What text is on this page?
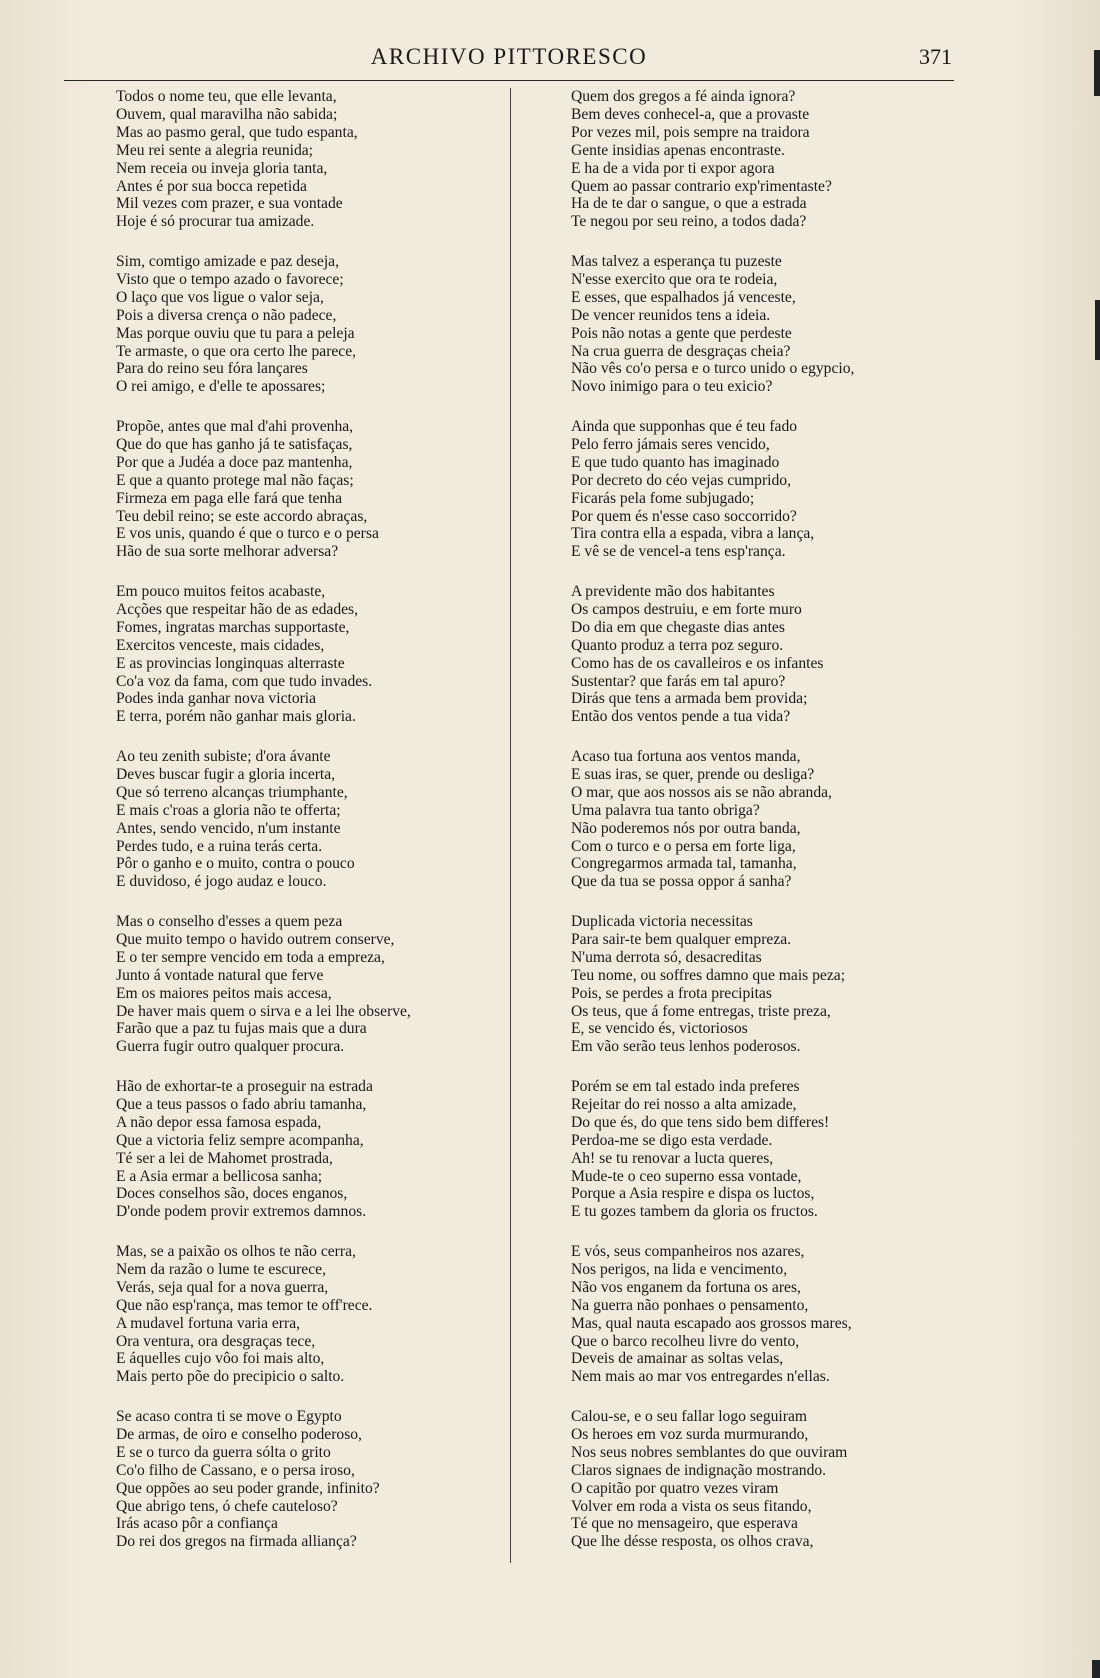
ARCHIVO PITTORESCO	371
Todos o nome teu, que elle levanta,
Ouvem, qual maravilha não sabida;
Mas ao pasmo geral, que tudo espanta,
Meu rei sente a alegria reunida;
Nem receia ou inveja gloria tanta,
Antes é por sua bocca repetida
Mil vezes com prazer, e sua vontade
Hoje é só procurar tua amizade.
Sim, comtigo amizade e paz deseja,
Visto que o tempo azado o favorece;
O laço que vos ligue o valor seja,
Pois a diversa crença o não padece,
Mas porque ouviu que tu para a peleja
Te armaste, o que ora certo lhe parece,
Para do reino seu fóra lançares
O rei amigo, e d'elle te apossares;
Propõe, antes que mal d'ahi provenha,
Que do que has ganho já te satisfaças,
Por que a Judéa a doce paz mantenha,
E que a quanto protege mal não faças;
Firmeza em paga elle fará que tenha
Teu debil reino; se este accordo abraças,
E vos unis, quando é que o turco e o persa
Hão de sua sorte melhorar adversa?
Em pouco muitos feitos acabaste,
Acções que respeitar hão de as edades,
Fomes, ingratas marchas supportaste,
Exercitos venceste, mais cidades,
E as provincias longinquas alterraste
Co'a voz da fama, com que tudo invades.
Podes inda ganhar nova victoria
E terra, porém não ganhar mais gloria.
Ao teu zenith subiste; d'ora ávante
Deves buscar fugir a gloria incerta,
Que só terreno alcanças triumphante,
E mais c'roas a gloria não te offerta;
Antes, sendo vencido, n'um instante
Perdes tudo, e a ruina terás certa.
Pôr o ganho e o muito, contra o pouco
E duvidoso, é jogo audaz e louco.
Mas o conselho d'esses a quem peza
Que muito tempo o havido outrem conserve,
E o ter sempre vencido em toda a empreza,
Junto á vontade natural que ferve
Em os maiores peitos mais accesa,
De haver mais quem o sirva e a lei lhe observe,
Farão que a paz tu fujas mais que a dura
Guerra fugir outro qualquer procura.
Hão de exhortar-te a proseguir na estrada
Que a teus passos o fado abriu tamanha,
A não depor essa famosa espada,
Que a victoria feliz sempre acompanha,
Té ser a lei de Mahomet prostrada,
E a Asia ermar a bellicosa sanha;
Doces conselhos são, doces enganos,
D'onde podem provir extremos damnos.
Mas, se a paixão os olhos te não cerra,
Nem da razão o lume te escurece,
Verás, seja qual for a nova guerra,
Que não esp'rança, mas temor te off'rece.
A mudavel fortuna varia erra,
Ora ventura, ora desgraças tece,
E áquelles cujo vôo foi mais alto,
Mais perto põe do precipicio o salto.
Se acaso contra ti se move o Egypto
De armas, de oiro e conselho poderoso,
E se o turco da guerra sólta o grito
Co'o filho de Cassano, e o persa iroso,
Que oppões ao seu poder grande, infinito?
Que abrigo tens, ó chefe cauteloso?
Irás acaso pôr a confiança
Do rei dos gregos na firmada alliança?
Quem dos gregos a fé ainda ignora?
Bem deves conhecel-a, que a provaste
Por vezes mil, pois sempre na traidora
Gente insidias apenas encontraste.
E ha de a vida por ti expor agora
Quem ao passar contrario exp'rimentaste?
Ha de te dar o sangue, o que a estrada
Te negou por seu reino, a todos dada?
Mas talvez a esperança tu puzeste
N'esse exercito que ora te rodeia,
E esses, que espalhados já venceste,
De vencer reunidos tens a ideia.
Pois não notas a gente que perdeste
Na crua guerra de desgraças cheia?
Não vês co'o persa e o turco unido o egypcio,
Novo inimigo para o teu exicio?
Ainda que supponhas que é teu fado
Pelo ferro jámais seres vencido,
E que tudo quanto has imaginado
Por decreto do céo vejas cumprido,
Ficarás pela fome subjugado;
Por quem és n'esse caso soccorrido?
Tira contra ella a espada, vibra a lança,
E vê se de vencel-a tens esp'rança.
A previdente mão dos habitantes
Os campos destruiu, e em forte muro
Do dia em que chegaste dias antes
Quanto produz a terra poz seguro.
Como has de os cavalleiros e os infantes
Sustentar? que farás em tal apuro?
Dirás que tens a armada bem provida;
Então dos ventos pende a tua vida?
Acaso tua fortuna aos ventos manda,
E suas iras, se quer, prende ou desliga?
O mar, que aos nossos ais se não abranda,
Uma palavra tua tanto obriga?
Não poderemos nós por outra banda,
Com o turco e o persa em forte liga,
Congregarmos armada tal, tamanha,
Que da tua se possa oppor á sanha?
Duplicada victoria necessitas
Para sair-te bem qualquer empreza.
N'uma derrota só, desacreditas
Teu nome, ou soffres damno que mais peza;
Pois, se perdes a frota precipitas
Os teus, que á fome entregas, triste preza,
E, se vencido és, victoriosos
Em vão serão teus lenhos poderosos.
Porém se em tal estado inda preferes
Rejeitar do rei nosso a alta amizade,
Do que és, do que tens sido bem differes!
Perdoa-me se digo esta verdade.
Ah! se tu renovar a lucta queres,
Mude-te o ceo superno essa vontade,
Porque a Asia respire e dispa os luctos,
E tu gozes tambem da gloria os fructos.
E vós, seus companheiros nos azares,
Nos perigos, na lida e vencimento,
Não vos enganem da fortuna os ares,
Na guerra não ponhaes o pensamento,
Mas, qual nauta escapado aos grossos mares,
Que o barco recolheu livre do vento,
Deveis de amainar as soltas velas,
Nem mais ao mar vos entregardes n'ellas.
Calou-se, e o seu fallar logo seguiram
Os heroes em voz surda murmurando,
Nos seus nobres semblantes do que ouviram
Claros signaes de indignação mostrando.
O capitão por quatro vezes viram
Volver em roda a vista os seus fitando,
Té que no mensageiro, que esperava
Que lhe désse resposta, os olhos crava,
